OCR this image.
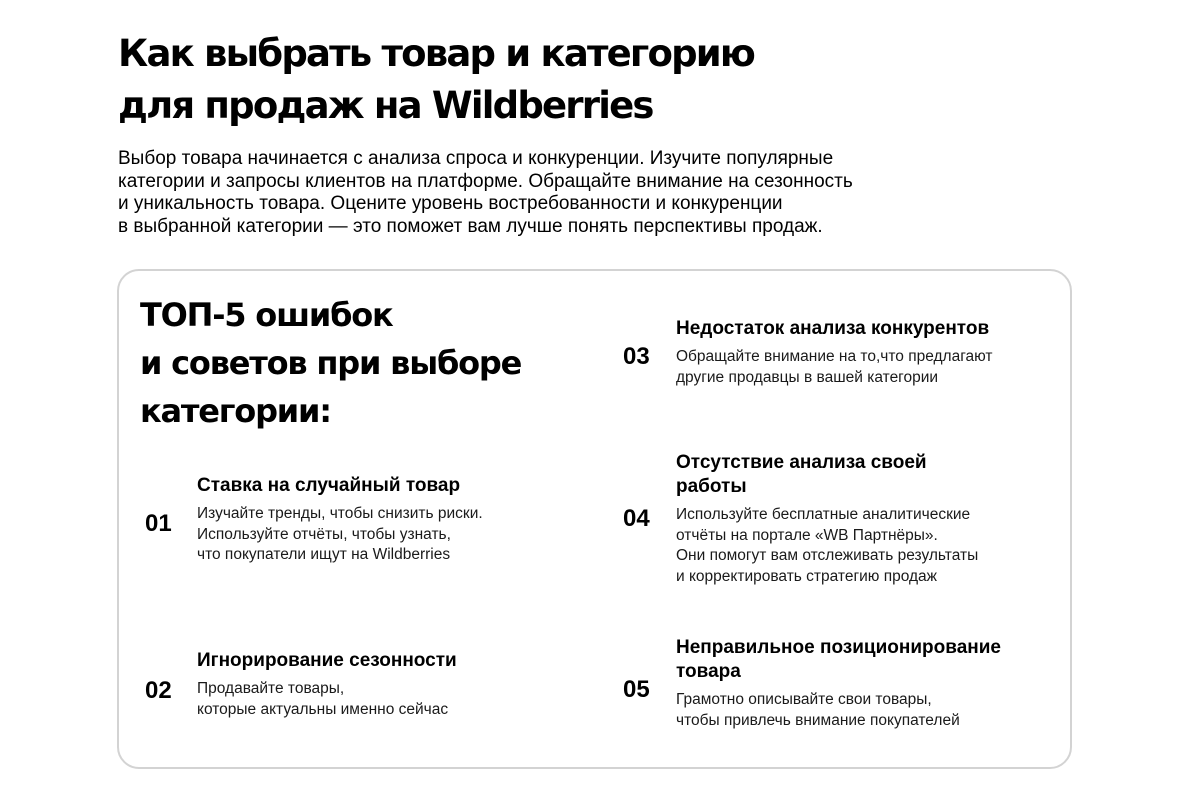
Как выбрать товар и категорию
для продаж на Wildberries

Выбор товара начинается с анализа спроса и конкуренции. Изучите популярные
категории и запросы клиентов на платформе. Обращайте внимание на сезонность
и уникальность товара. Оцените уровень востребованности и конкуренции
в выбранной категории — это поможет вам лучше понять перспективы продаж.

ТОП-5 ошибок
и советов при выборе
категории:
01

Ставка на случайный товар

Изучайте тренды, чтобы снизить риски.
Используйте отчёты, чтобы узнать,
что покупатели ищут на Wildberries

02

Игнорирование сезонности

Продавайте товары,
которые актуальны именно сейчас

03

Недостаток анализа конкурентов

Обращайте внимание на то,что предлагают
другие продавцы в вашей категории

04

Отсутствие анализа своей
работы

Используйте бесплатные аналитические
отчёты на портале «WB Партнёры».
Они помогут вам отслеживать результаты
и корректировать стратегию продаж

05

Неправильное позиционирование
товара

Грамотно описывайте свои товары,
чтобы привлечь внимание покупателей
